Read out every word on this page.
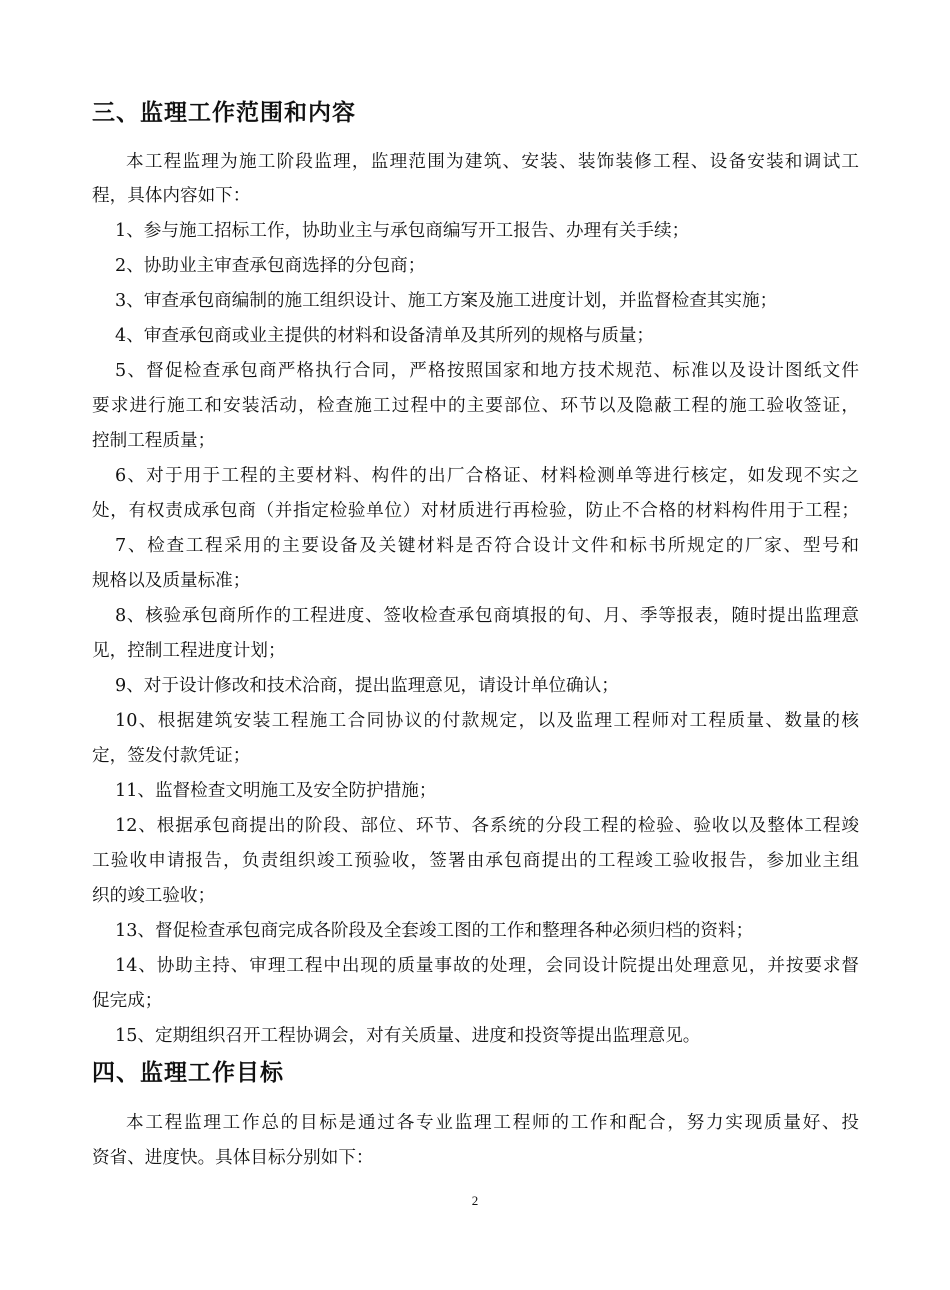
三、监理工作范围和内容

本工程监理为施工阶段监理，监理范围为建筑、安装、装饰装修工程、设备安装和调试工

程，具体内容如下：

1、参与施工招标工作，协助业主与承包商编写开工报告、办理有关手续；

2、协助业主审查承包商选择的分包商；

3、审查承包商编制的施工组织设计、施工方案及施工进度计划，并监督检查其实施；

4、审查承包商或业主提供的材料和设备清单及其所列的规格与质量；

5、督促检查承包商严格执行合同，严格按照国家和地方技术规范、标准以及设计图纸文件

要求进行施工和安装活动，检查施工过程中的主要部位、环节以及隐蔽工程的施工验收签证，

控制工程质量；

6、对于用于工程的主要材料、构件的出厂合格证、材料检测单等进行核定，如发现不实之

处，有权责成承包商（并指定检验单位）对材质进行再检验，防止不合格的材料构件用于工程；

7、检查工程采用的主要设备及关键材料是否符合设计文件和标书所规定的厂家、型号和

规格以及质量标准；

8、核验承包商所作的工程进度、签收检查承包商填报的旬、月、季等报表，随时提出监理意

见，控制工程进度计划；

9、对于设计修改和技术洽商，提出监理意见，请设计单位确认；

10、根据建筑安装工程施工合同协议的付款规定，以及监理工程师对工程质量、数量的核

定，签发付款凭证；

11、监督检查文明施工及安全防护措施；

12、根据承包商提出的阶段、部位、环节、各系统的分段工程的检验、验收以及整体工程竣

工验收申请报告，负责组织竣工预验收，签署由承包商提出的工程竣工验收报告，参加业主组

织的竣工验收；

13、督促检查承包商完成各阶段及全套竣工图的工作和整理各种必须归档的资料；

14、协助主持、审理工程中出现的质量事故的处理，会同设计院提出处理意见，并按要求督

促完成；

15、定期组织召开工程协调会，对有关质量、进度和投资等提出监理意见。

四、监理工作目标

本工程监理工作总的目标是通过各专业监理工程师的工作和配合，努力实现质量好、投

资省、进度快。具体目标分别如下：

2
